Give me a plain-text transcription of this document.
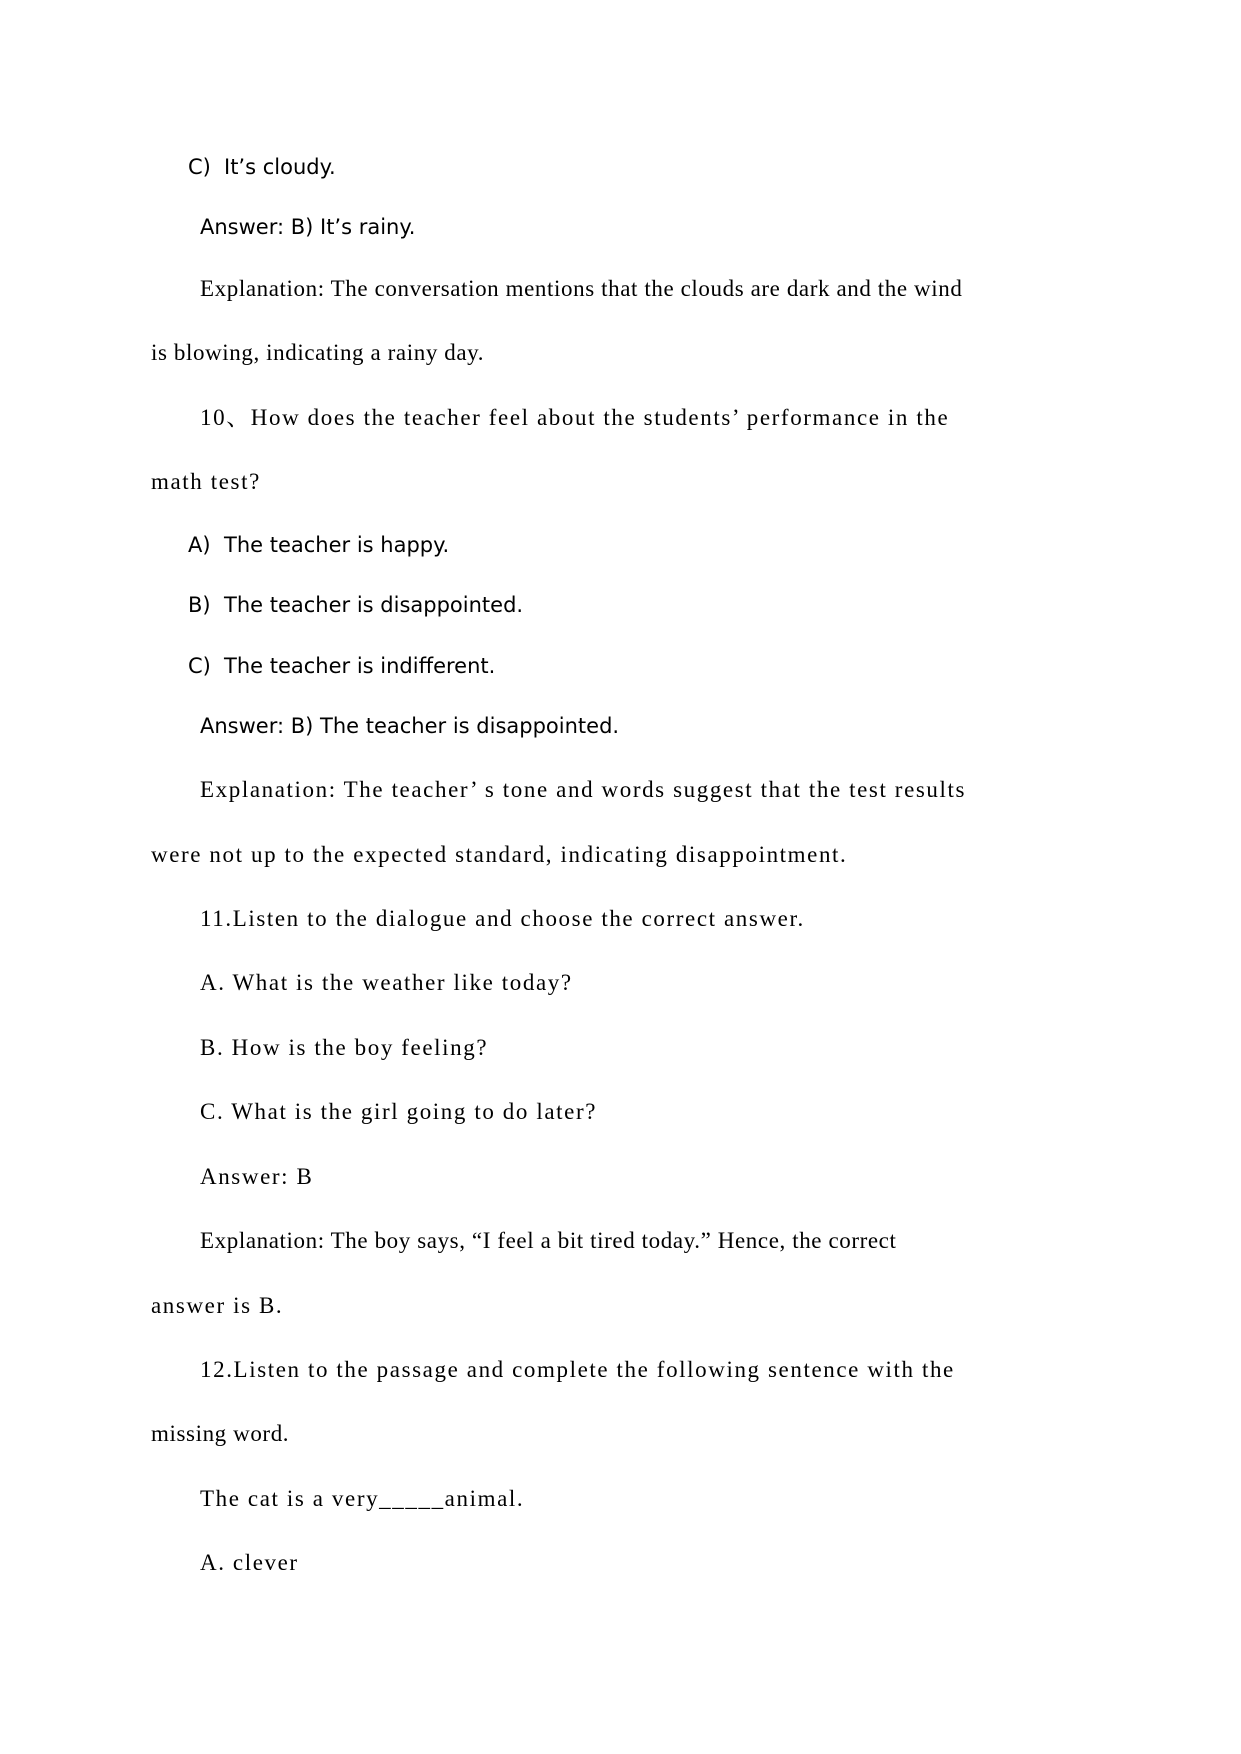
C) It’s cloudy.
Answer: B) It’s rainy.
Explanation: The conversation mentions that the clouds are dark and the wind
is blowing, indicating a rainy day.
10、How does the teacher feel about the students’ performance in the
math test?
A) The teacher is happy.
B) The teacher is disappointed.
C) The teacher is indifferent.
Answer: B) The teacher is disappointed.
Explanation: The teacher’ s tone and words suggest that the test results
were not up to the expected standard, indicating disappointment.
11.Listen to the dialogue and choose the correct answer.
A. What is the weather like today?
B. How is the boy feeling?
C. What is the girl going to do later?
Answer: B
Explanation: The boy says, “I feel a bit tired today.” Hence, the correct
answer is B.
12.Listen to the passage and complete the following sentence with the
missing word.
The cat is a very_____animal.
A. clever
